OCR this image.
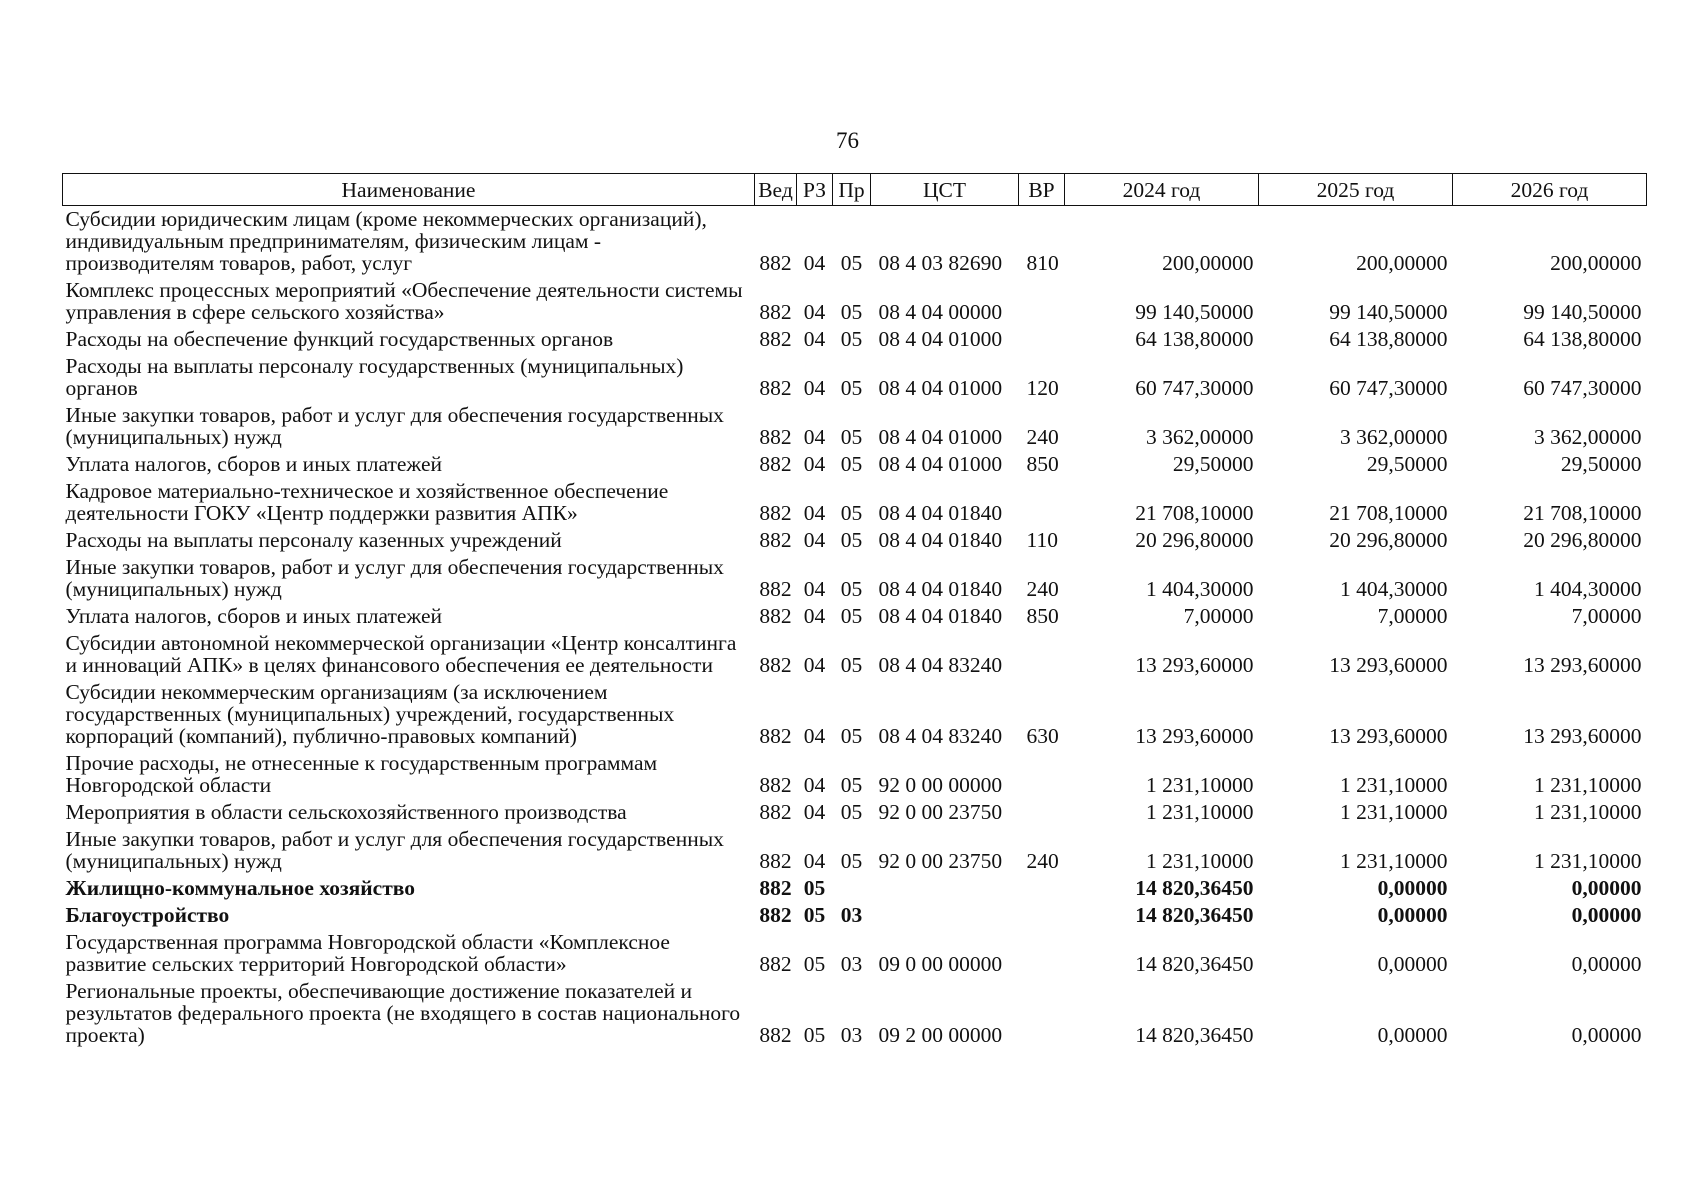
76
Наименование	Вед	РЗ	Пр	ЦСТ	ВР	2024 год	2025 год	2026 год
Субсидии юридическим лицам (кроме некоммерческих организаций), индивидуальным предпринимателям, физическим лицам - производителям товаров, работ, услуг	882	04	05	08 4 03 82690	810	200,00000	200,00000	200,00000
Комплекс процессных мероприятий «Обеспечение деятельности системы управления в сфере сельского хозяйства»	882	04	05	08 4 04 00000		99 140,50000	99 140,50000	99 140,50000
Расходы на обеспечение функций государственных органов	882	04	05	08 4 04 01000		64 138,80000	64 138,80000	64 138,80000
Расходы на выплаты персоналу государственных (муниципальных) органов	882	04	05	08 4 04 01000	120	60 747,30000	60 747,30000	60 747,30000
Иные закупки товаров, работ и услуг для обеспечения государственных (муниципальных) нужд	882	04	05	08 4 04 01000	240	3 362,00000	3 362,00000	3 362,00000
Уплата налогов, сборов и иных платежей	882	04	05	08 4 04 01000	850	29,50000	29,50000	29,50000
Кадровое материально-техническое и хозяйственное обеспечение деятельности ГОКУ «Центр поддержки развития АПК»	882	04	05	08 4 04 01840		21 708,10000	21 708,10000	21 708,10000
Расходы на выплаты персоналу казенных учреждений	882	04	05	08 4 04 01840	110	20 296,80000	20 296,80000	20 296,80000
Иные закупки товаров, работ и услуг для обеспечения государственных (муниципальных) нужд	882	04	05	08 4 04 01840	240	1 404,30000	1 404,30000	1 404,30000
Уплата налогов, сборов и иных платежей	882	04	05	08 4 04 01840	850	7,00000	7,00000	7,00000
Субсидии автономной некоммерческой организации «Центр консалтинга и инноваций АПК» в целях финансового обеспечения ее деятельности	882	04	05	08 4 04 83240		13 293,60000	13 293,60000	13 293,60000
Субсидии некоммерческим организациям (за исключением государственных (муниципальных) учреждений, государственных корпораций (компаний), публично-правовых компаний)	882	04	05	08 4 04 83240	630	13 293,60000	13 293,60000	13 293,60000
Прочие расходы, не отнесенные к государственным программам Новгородской области	882	04	05	92 0 00 00000		1 231,10000	1 231,10000	1 231,10000
Мероприятия в области сельскохозяйственного производства	882	04	05	92 0 00 23750		1 231,10000	1 231,10000	1 231,10000
Иные закупки товаров, работ и услуг для обеспечения государственных (муниципальных) нужд	882	04	05	92 0 00 23750	240	1 231,10000	1 231,10000	1 231,10000
Жилищно-коммунальное хозяйство	882	05				14 820,36450	0,00000	0,00000
Благоустройство	882	05	03			14 820,36450	0,00000	0,00000
Государственная программа Новгородской области «Комплексное развитие сельских территорий Новгородской области»	882	05	03	09 0 00 00000		14 820,36450	0,00000	0,00000
Региональные проекты, обеспечивающие достижение показателей и результатов федерального проекта (не входящего в состав национального проекта)	882	05	03	09 2 00 00000		14 820,36450	0,00000	0,00000
